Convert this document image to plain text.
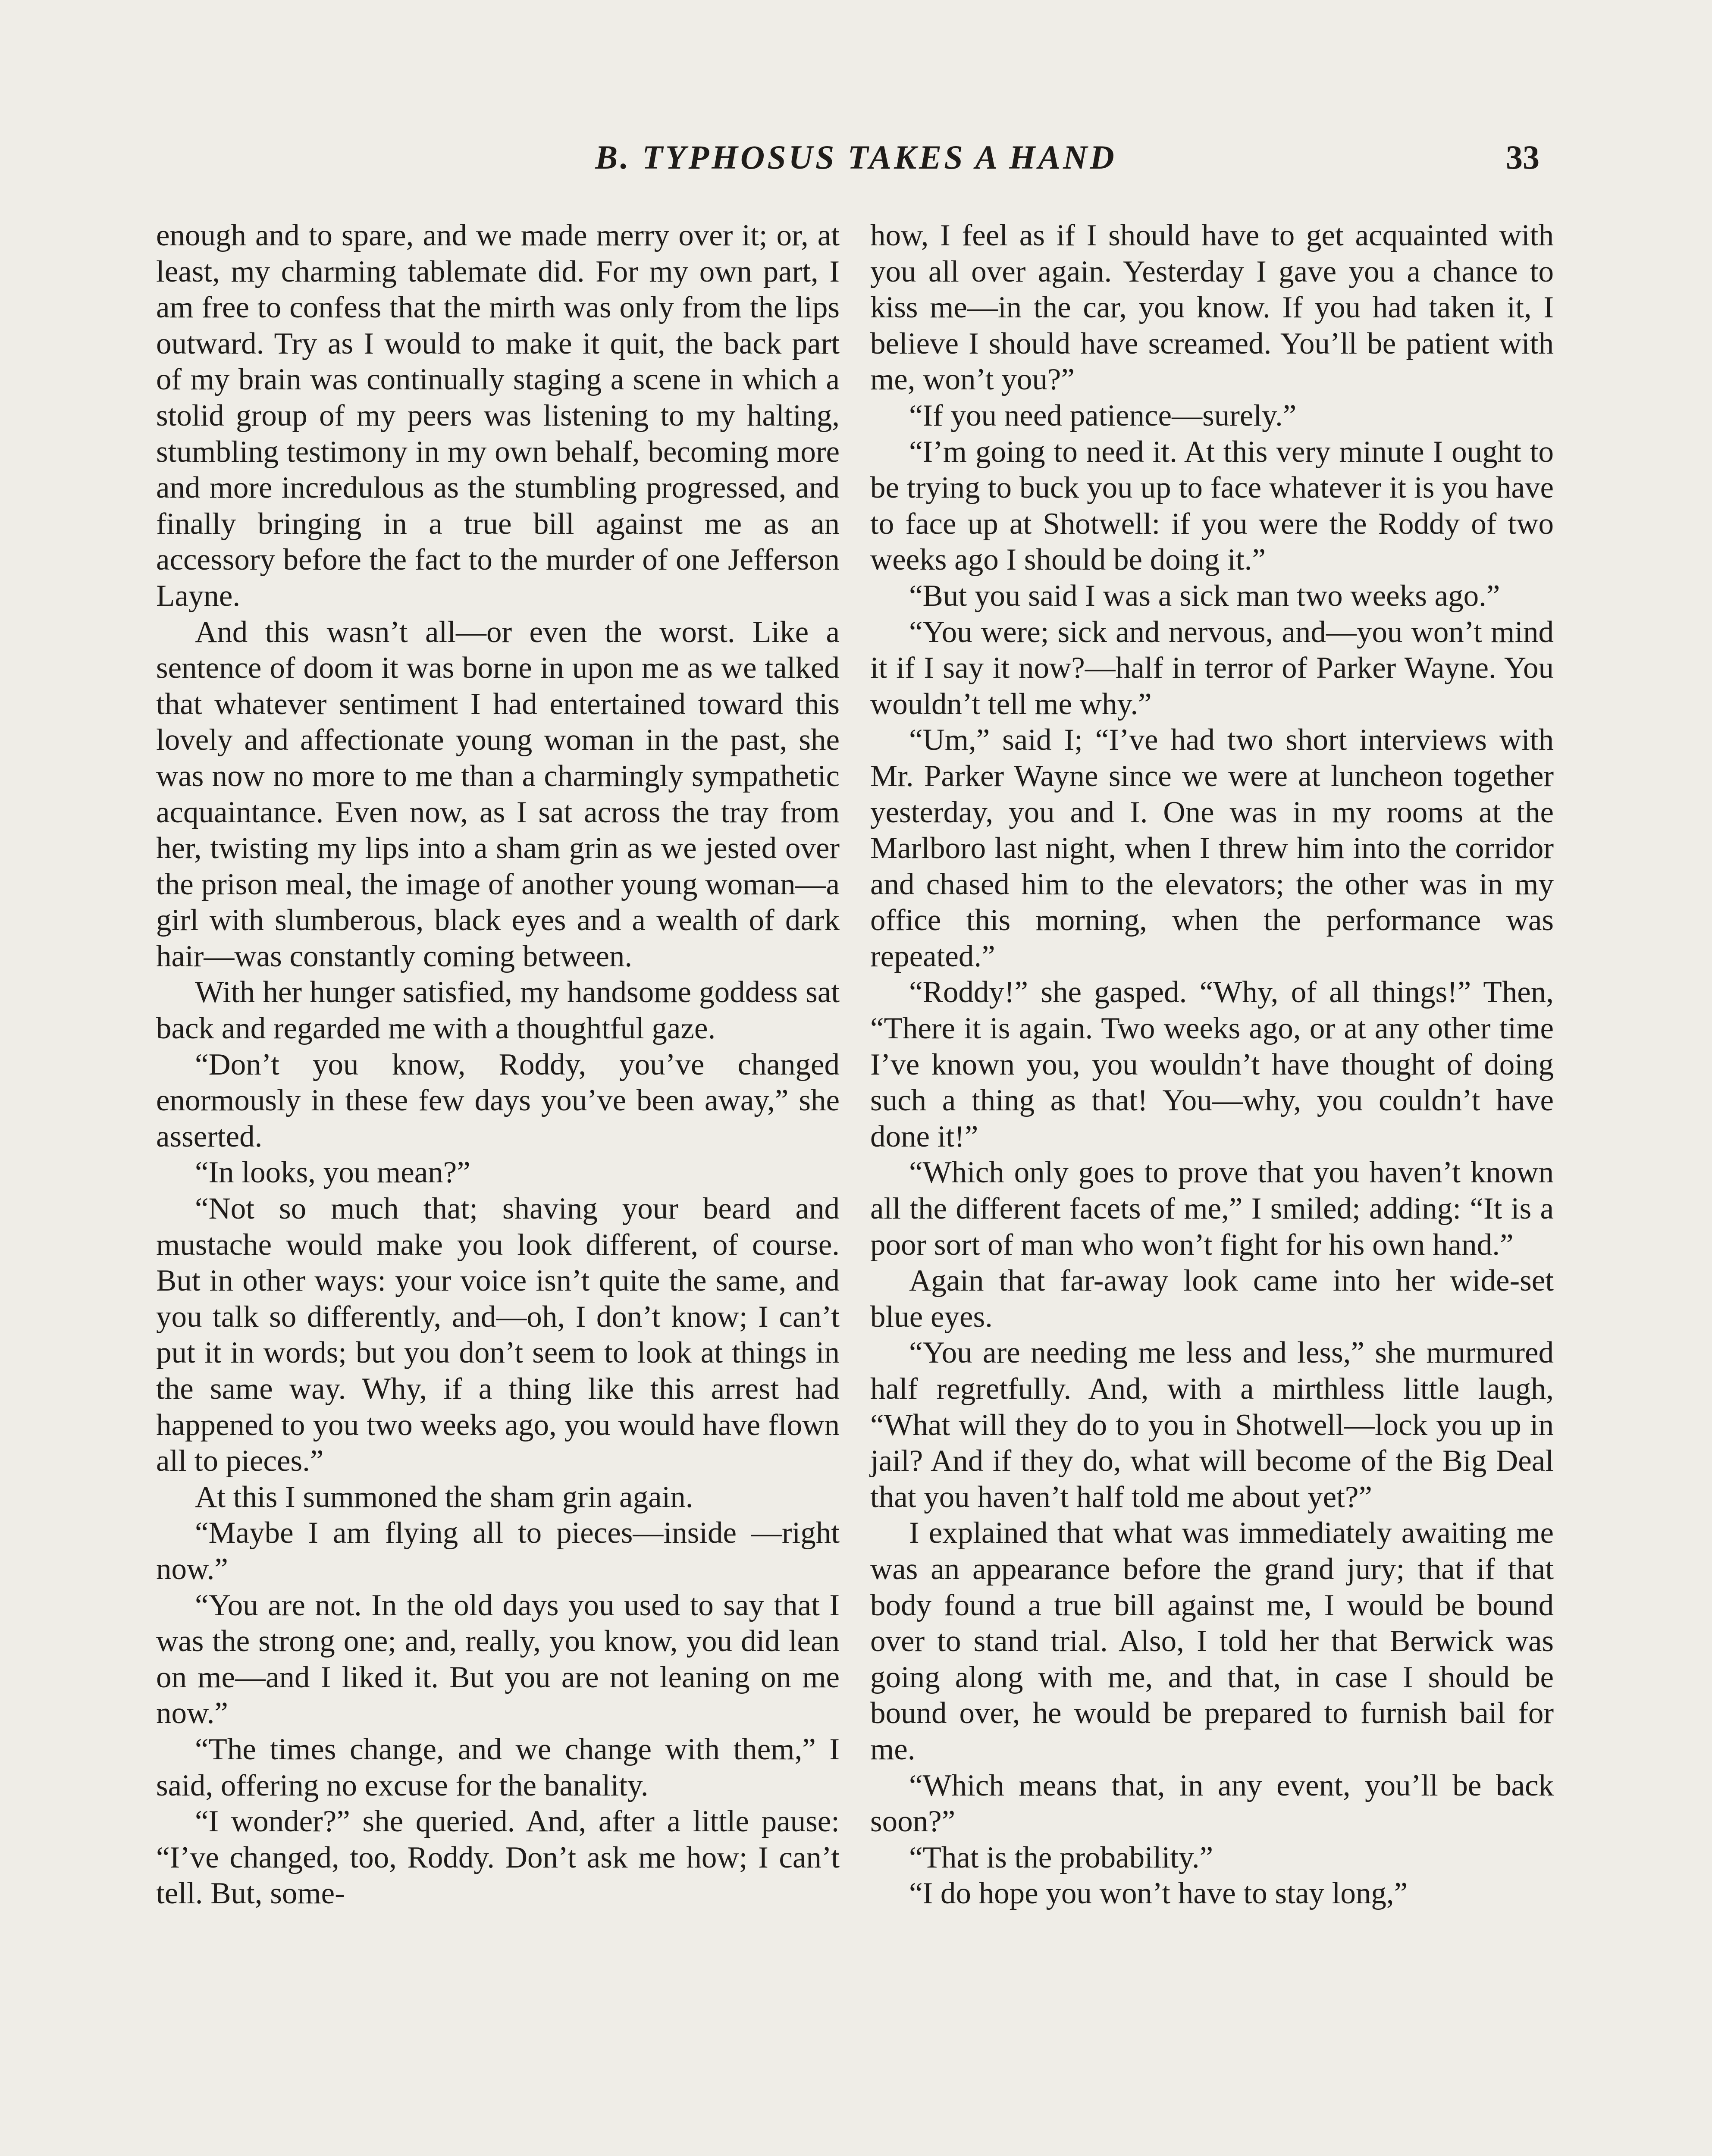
B. TYPHOSUS TAKES A HAND	33

enough and to spare, and we made merry over it; or, at least, my charming tablemate did. For my own part, I am free to confess that the mirth was only from the lips outward. Try as I would to make it quit, the back part of my brain was continually staging a scene in which a stolid group of my peers was listening to my halting, stumbling testimony in my own behalf, becoming more and more incredulous as the stumbling progressed, and finally bringing in a true bill against me as an accessory before the fact to the murder of one Jefferson Layne.

And this wasn’t all—or even the worst. Like a sentence of doom it was borne in upon me as we talked that whatever sentiment I had entertained toward this lovely and affectionate young woman in the past, she was now no more to me than a charmingly sympathetic acquaintance. Even now, as I sat across the tray from her, twisting my lips into a sham grin as we jested over the prison meal, the image of another young woman—a girl with slumberous, black eyes and a wealth of dark hair—was constantly coming between.

With her hunger satisfied, my handsome goddess sat back and regarded me with a thoughtful gaze.

“Don’t you know, Roddy, you’ve changed enormously in these few days you’ve been away,” she asserted.

“In looks, you mean?”

“Not so much that; shaving your beard and mustache would make you look different, of course. But in other ways: your voice isn’t quite the same, and you talk so differently, and—oh, I don’t know; I can’t put it in words; but you don’t seem to look at things in the same way. Why, if a thing like this arrest had happened to you two weeks ago, you would have flown all to pieces.”

At this I summoned the sham grin again.

“Maybe I am flying all to pieces—inside —right now.”

“You are not. In the old days you used to say that I was the strong one; and, really, you know, you did lean on me—and I liked it. But you are not leaning on me now.”

“The times change, and we change with them,” I said, offering no excuse for the banality.

“I wonder?” she queried. And, after a little pause: “I’ve changed, too, Roddy. Don’t ask me how; I can’t tell. But, some-

how, I feel as if I should have to get acquainted with you all over again. Yesterday I gave you a chance to kiss me—in the car, you know. If you had taken it, I believe I should have screamed. You’ll be patient with me, won’t you?”

“If you need patience—surely.”

“I’m going to need it. At this very minute I ought to be trying to buck you up to face whatever it is you have to face up at Shotwell: if you were the Roddy of two weeks ago I should be doing it.”

“But you said I was a sick man two weeks ago.”

“You were; sick and nervous, and—you won’t mind it if I say it now?—half in terror of Parker Wayne. You wouldn’t tell me why.”

“Um,” said I; “I’ve had two short interviews with Mr. Parker Wayne since we were at luncheon together yesterday, you and I. One was in my rooms at the Marlboro last night, when I threw him into the corridor and chased him to the elevators; the other was in my office this morning, when the performance was repeated.”

“Roddy!” she gasped. “Why, of all things!” Then, “There it is again. Two weeks ago, or at any other time I’ve known you, you wouldn’t have thought of doing such a thing as that! You—why, you couldn’t have done it!”

“Which only goes to prove that you haven’t known all the different facets of me,” I smiled; adding: “It is a poor sort of man who won’t fight for his own hand.”

Again that far-away look came into her wide-set blue eyes.

“You are needing me less and less,” she murmured half regretfully. And, with a mirthless little laugh, “What will they do to you in Shotwell—lock you up in jail? And if they do, what will become of the Big Deal that you haven’t half told me about yet?”

I explained that what was immediately awaiting me was an appearance before the grand jury; that if that body found a true bill against me, I would be bound over to stand trial. Also, I told her that Berwick was going along with me, and that, in case I should be bound over, he would be prepared to furnish bail for me.

“Which means that, in any event, you’ll be back soon?”

“That is the probability.”

“I do hope you won’t have to stay long,”
